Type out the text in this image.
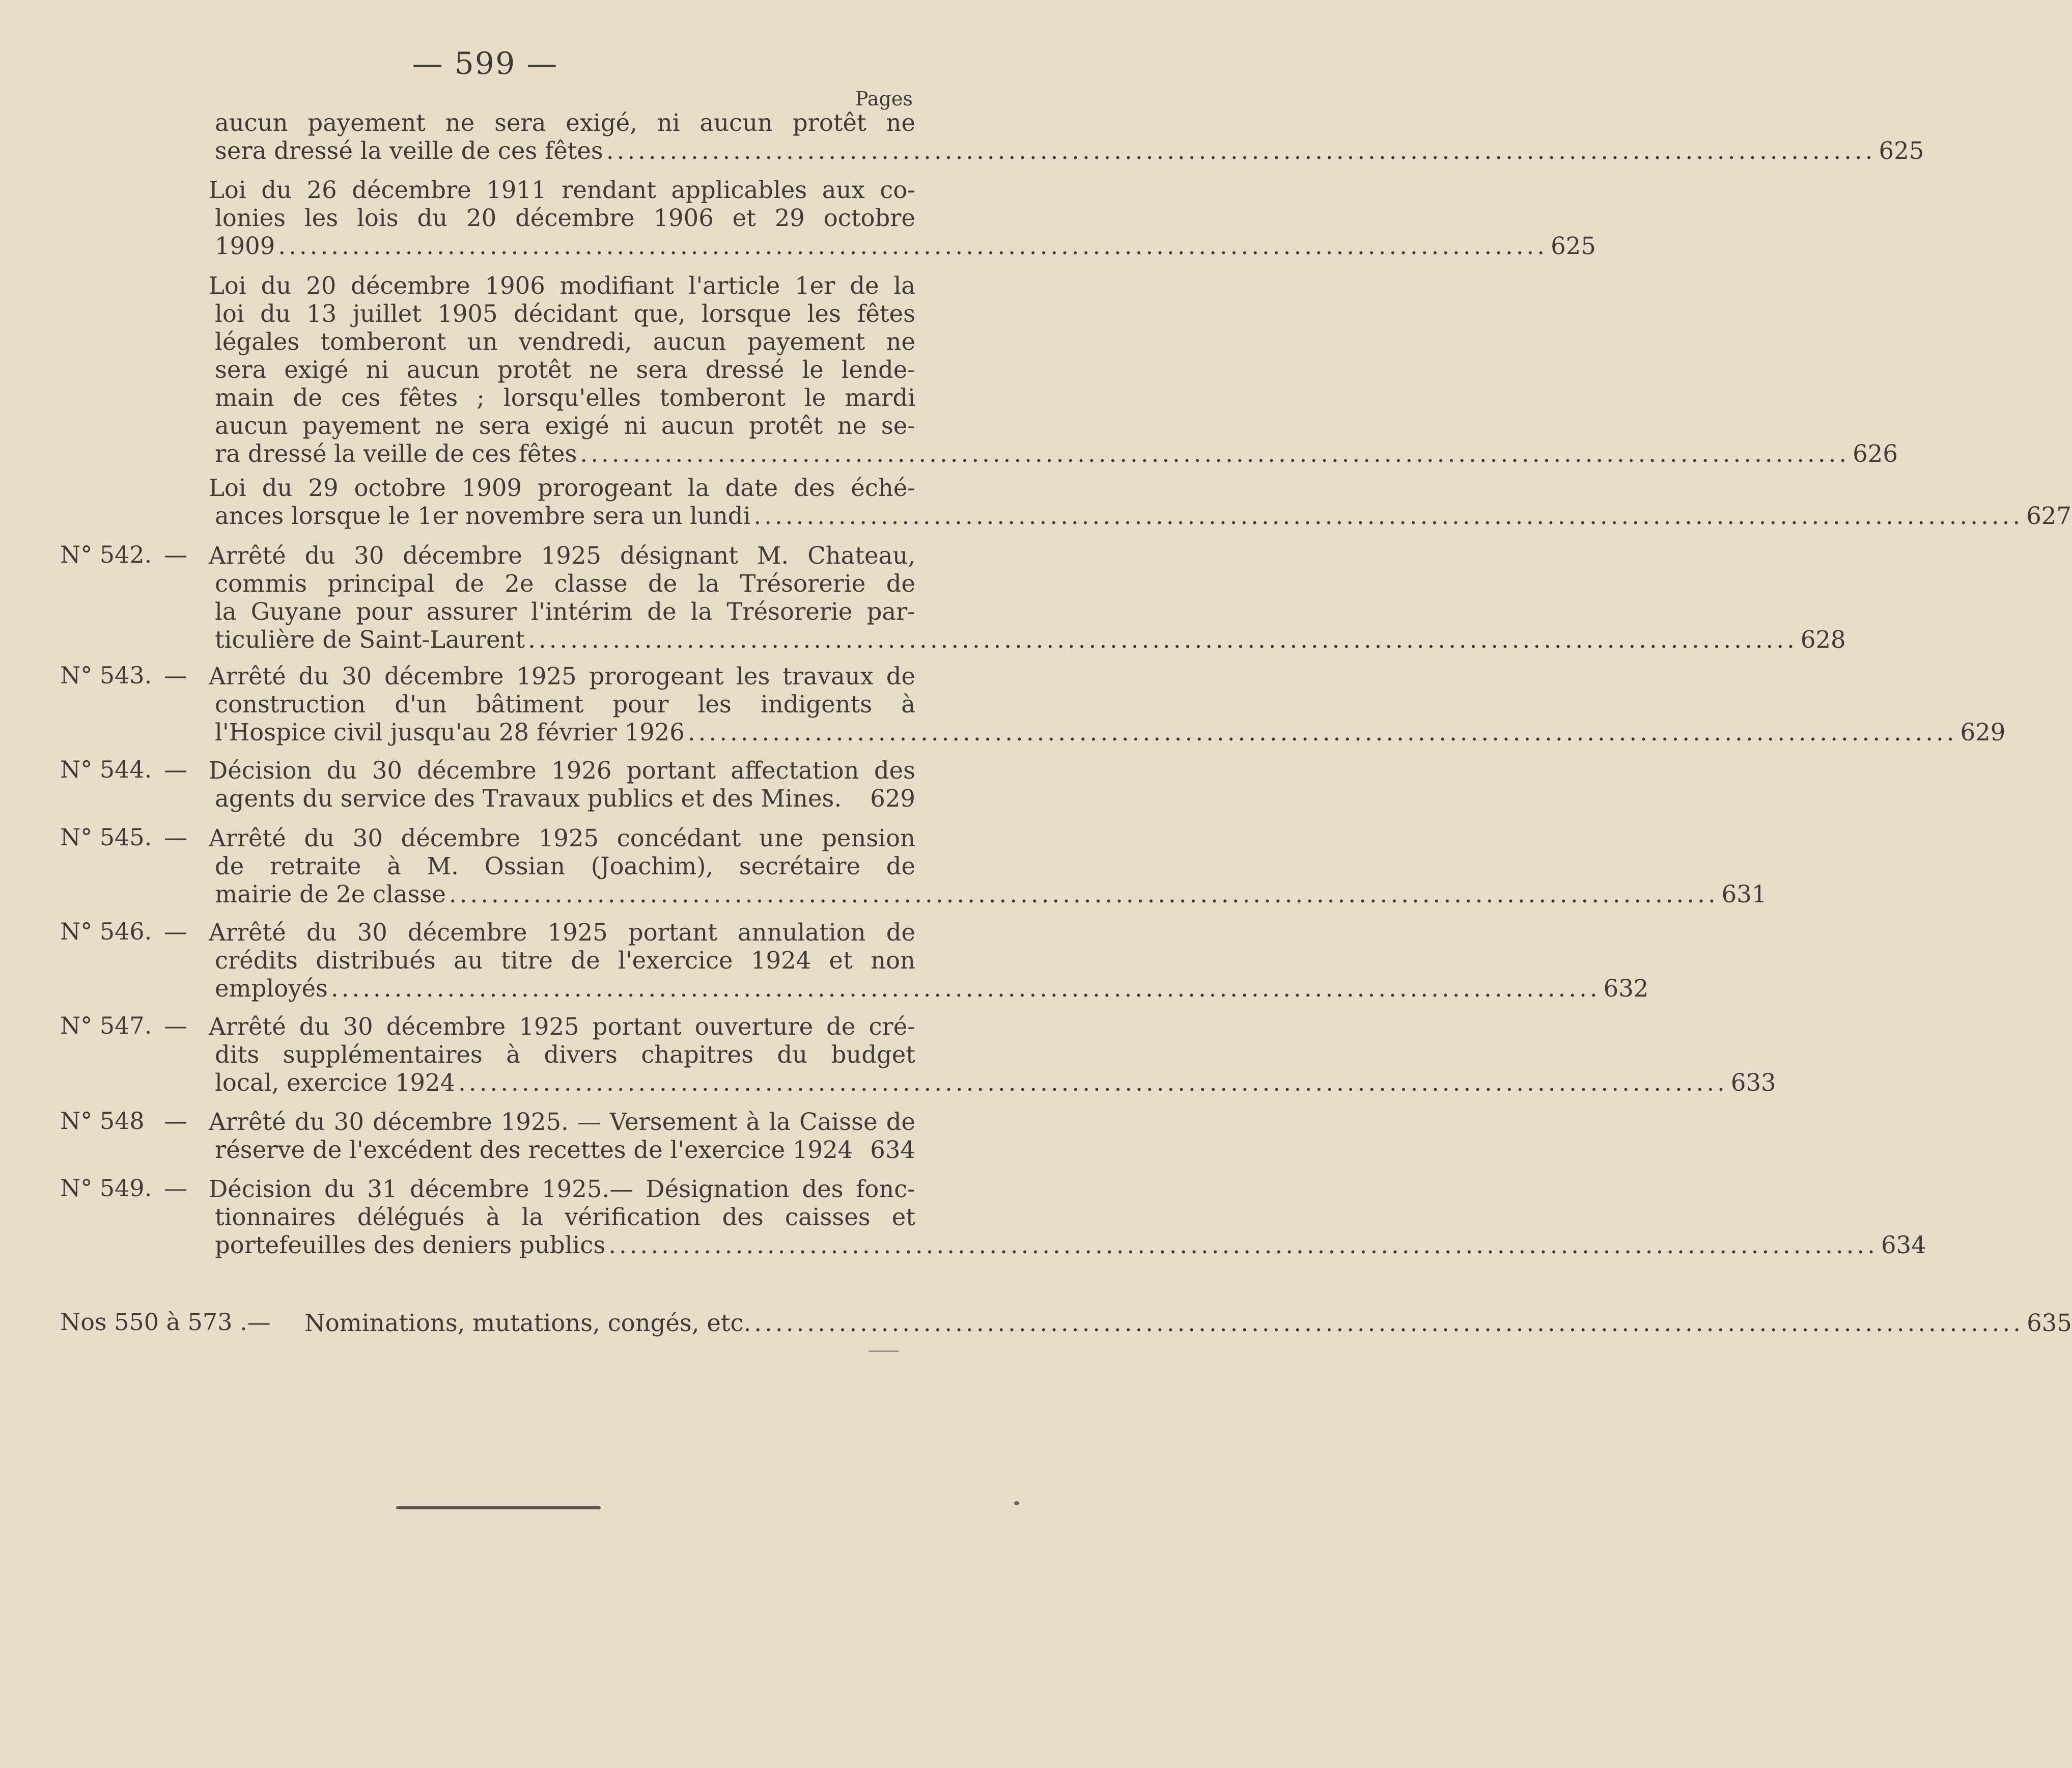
— 599 —
Pages
aucun payement ne sera exigé, ni aucun protêt ne
sera dressé la veille de ces fêtes ........................................................................................................................ 625
Loi du 26 décembre 1911 rendant applicables aux co-
lonies les lois du 20 décembre 1906 et 29 octobre
1909 ........................................................................................................................ 625
Loi du 20 décembre 1906 modifiant l'article 1er de la
loi du 13 juillet 1905 décidant que, lorsque les fêtes
légales tomberont un vendredi, aucun payement ne
sera exigé ni aucun protêt ne sera dressé le lende-
main de ces fêtes ; lorsqu'elles tomberont le mardi
aucun payement ne sera exigé ni aucun protêt ne se-
ra dressé la veille de ces fêtes ........................................................................................................................ 626
Loi du 29 octobre 1909 prorogeant la date des éché-
ances lorsque le 1er novembre sera un lundi ........................................................................................................................ 627
N° 542. Arrêté du 30 décembre 1925 désignant M. Chateau,
commis principal de 2e classe de la Trésorerie de
la Guyane pour assurer l'intérim de la Trésorerie par-
ticulière de Saint-Laurent ........................................................................................................................ 628
—
N° 543. Arrêté du 30 décembre 1925 prorogeant les travaux de
construction d'un bâtiment pour les indigents à
l'Hospice civil jusqu'au 28 février 1926 ........................................................................................................................ 629
—
N° 544. Décision du 30 décembre 1926 portant affectation des
agents du service des Travaux publics et des Mines. 629
—
N° 545. Arrêté du 30 décembre 1925 concédant une pension
de retraite à M. Ossian (Joachim), secrétaire de
mairie de 2e classe ........................................................................................................................ 631
—
N° 546. Arrêté du 30 décembre 1925 portant annulation de
crédits distribués au titre de l'exercice 1924 et non
employés ........................................................................................................................ 632
—
N° 547. Arrêté du 30 décembre 1925 portant ouverture de cré-
dits supplémentaires à divers chapitres du budget
local, exercice 1924 ........................................................................................................................ 633
—
N° 548	Arrêté du 30 décembre 1925. — Versement à la Caisse de
réserve de l'excédent des recettes de l'exercice 1924 634
—
N° 549. Décision du 31 décembre 1925.— Désignation des fonc-
tionnaires délégués à la vérification des caisses et
portefeuilles des deniers publics ........................................................................................................................ 634
—
Nos 550 à 573 .— Nominations, mutations, congés, etc. ........................................................................................................................ 635
